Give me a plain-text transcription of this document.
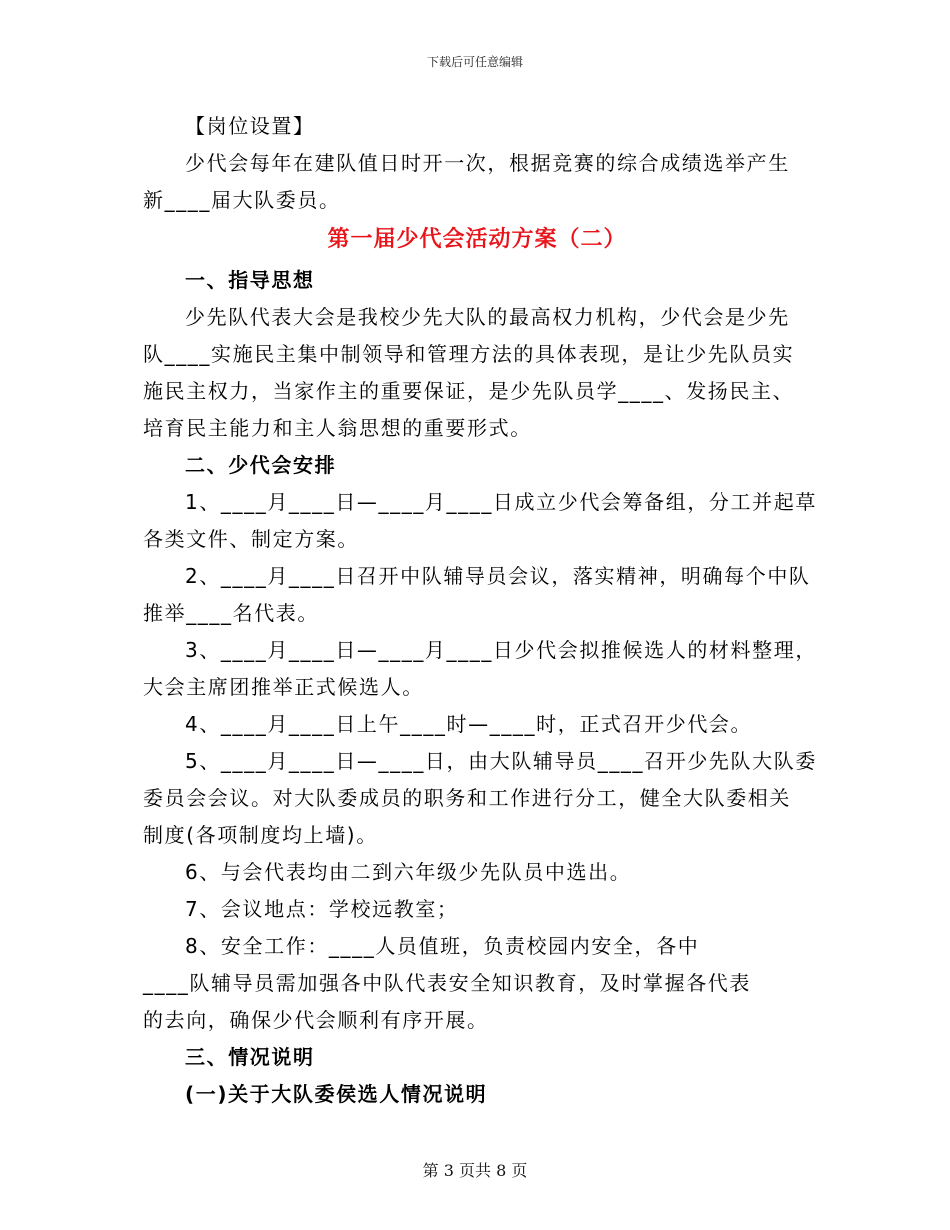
下载后可任意编辑
【岗位设置】
少代会每年在建队值日时开一次，根据竞赛的综合成绩选举产生
新____届大队委员。
第一届少代会活动方案（二）
一、指导思想
少先队代表大会是我校少先大队的最高权力机构，少代会是少先
队____实施民主集中制领导和管理方法的具体表现，是让少先队员实
施民主权力，当家作主的重要保证，是少先队员学____、发扬民主、
培育民主能力和主人翁思想的重要形式。
二、少代会安排
1、____月____日—____月____日成立少代会筹备组，分工并起草
各类文件、制定方案。
2、____月____日召开中队辅导员会议，落实精神，明确每个中队
推举____名代表。
3、____月____日—____月____日少代会拟推候选人的材料整理，
大会主席团推举正式候选人。
4、____月____日上午____时—____时，正式召开少代会。
5、____月____日—____日，由大队辅导员____召开少先队大队委
委员会会议。对大队委成员的职务和工作进行分工，健全大队委相关
制度(各项制度均上墙)。
6、与会代表均由二到六年级少先队员中选出。
7、会议地点：学校远教室；
8、安全工作：____人员值班，负责校园内安全，各中
____队辅导员需加强各中队代表安全知识教育，及时掌握各代表
的去向，确保少代会顺利有序开展。
三、情况说明
(一)关于大队委侯选人情况说明
第 3 页共 8 页
